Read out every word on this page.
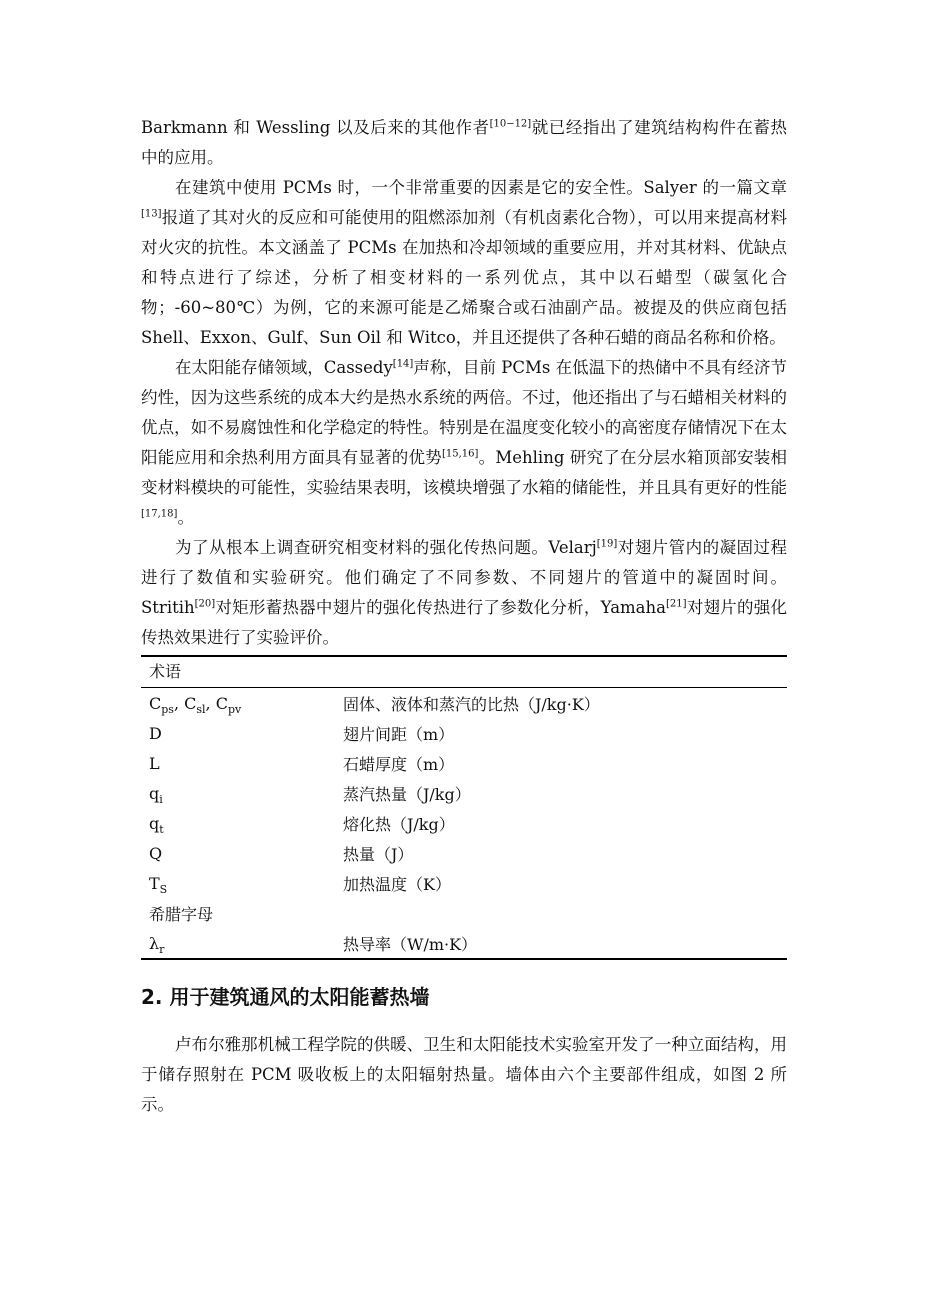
Barkmann 和 Wessling 以及后来的其他作者[10−12]就已经指出了建筑结构构件在蓄热中的应用。

在建筑中使用 PCMs 时，一个非常重要的因素是它的安全性。Salyer 的一篇文章[13]报道了其对火的反应和可能使用的阻燃添加剂（有机卤素化合物），可以用来提高材料对火灾的抗性。本文涵盖了 PCMs 在加热和冷却领域的重要应用，并对其材料、优缺点和特点进行了综述，分析了相变材料的一系列优点，其中以石蜡型（碳氢化合物；-60~80℃）为例，它的来源可能是乙烯聚合或石油副产品。被提及的供应商包括 Shell、Exxon、Gulf、Sun Oil 和 Witco，并且还提供了各种石蜡的商品名称和价格。

在太阳能存储领域，Cassedy[14]声称，目前 PCMs 在低温下的热储中不具有经济节约性，因为这些系统的成本大约是热水系统的两倍。不过，他还指出了与石蜡相关材料的优点，如不易腐蚀性和化学稳定的特性。特别是在温度变化较小的高密度存储情况下在太阳能应用和余热利用方面具有显著的优势[15,16]。Mehling 研究了在分层水箱顶部安装相变材料模块的可能性，实验结果表明，该模块增强了水箱的储能性，并且具有更好的性能[17,18]。

为了从根本上调查研究相变材料的强化传热问题。Velarj[19]对翅片管内的凝固过程进行了数值和实验研究。他们确定了不同参数、不同翅片的管道中的凝固时间。Stritih[20]对矩形蓄热器中翅片的强化传热进行了参数化分析，Yamaha[21]对翅片的强化传热效果进行了实验评价。

术语
$C_{ps}$, $C_{sl}$, $C_{pv}$	固体、液体和蒸汽的比热（J/kg·K）
D	翅片间距（m）
L	石蜡厚度（m）
$q_i$	蒸汽热量（J/kg）
$q_t$	熔化热（J/kg）
Q	热量（J）
$T_S$	加热温度（K）
希腊字母	
$\lambda_r$	热导率（W/m·K）
2. 用于建筑通风的太阳能蓄热墙

卢布尔雅那机械工程学院的供暖、卫生和太阳能技术实验室开发了一种立面结构，用于储存照射在 PCM 吸收板上的太阳辐射热量。墙体由六个主要部件组成，如图 2 所示。
